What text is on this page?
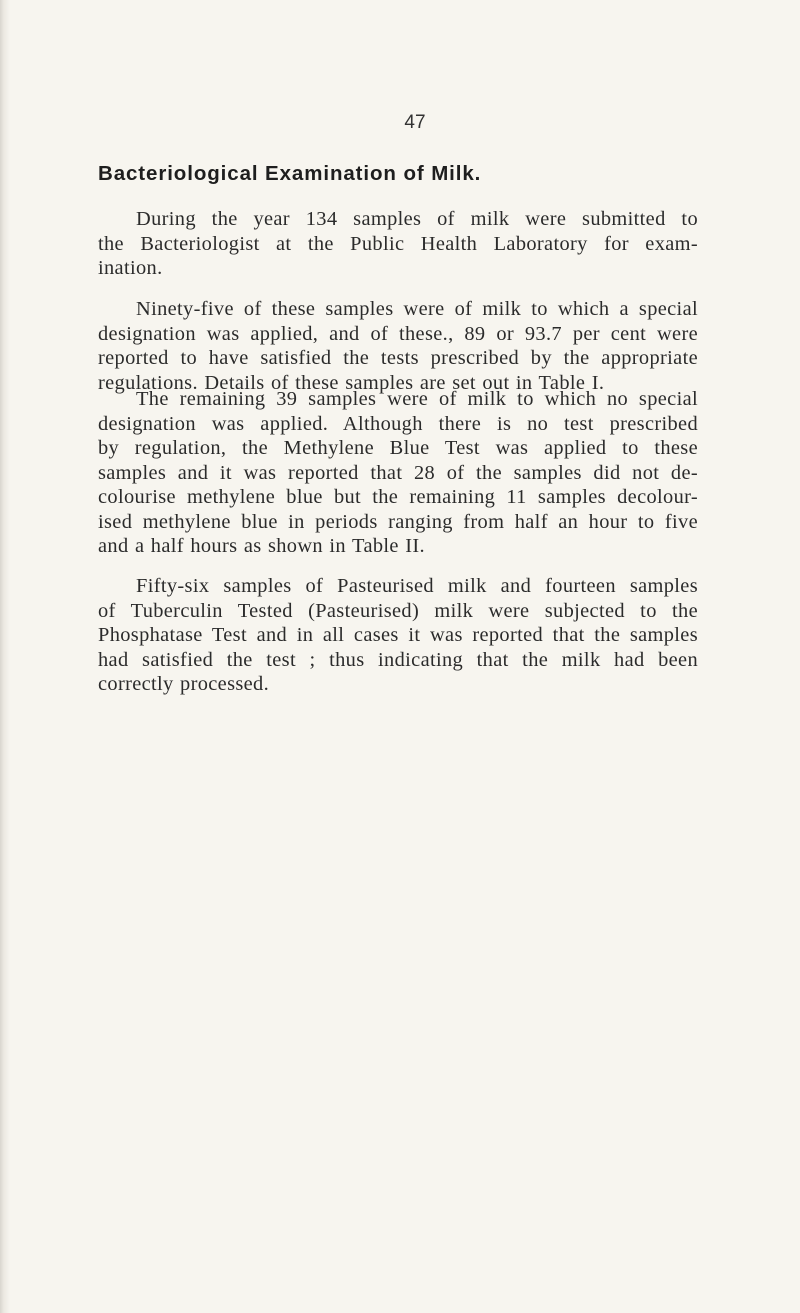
47
Bacteriological Examination of Milk.
During the year 134 samples of milk were submitted to
the Bacteriologist at the Public Health Laboratory for exam-
ination.
Ninety-five of these samples were of milk to which a special
designation was applied, and of these., 89 or 93.7 per cent were
reported to have satisfied the tests prescribed by the appropriate
regulations. Details of these samples are set out in Table I.
The remaining 39 samples were of milk to which no special
designation was applied. Although there is no test prescribed
by regulation, the Methylene Blue Test was applied to these
samples and it was reported that 28 of the samples did not de-
colourise methylene blue but the remaining 11 samples decolour-
ised methylene blue in periods ranging from half an hour to five
and a half hours as shown in Table II.
Fifty-six samples of Pasteurised milk and fourteen samples
of Tuberculin Tested (Pasteurised) milk were subjected to the
Phosphatase Test and in all cases it was reported that the samples
had satisfied the test ; thus indicating that the milk had been
correctly processed.
